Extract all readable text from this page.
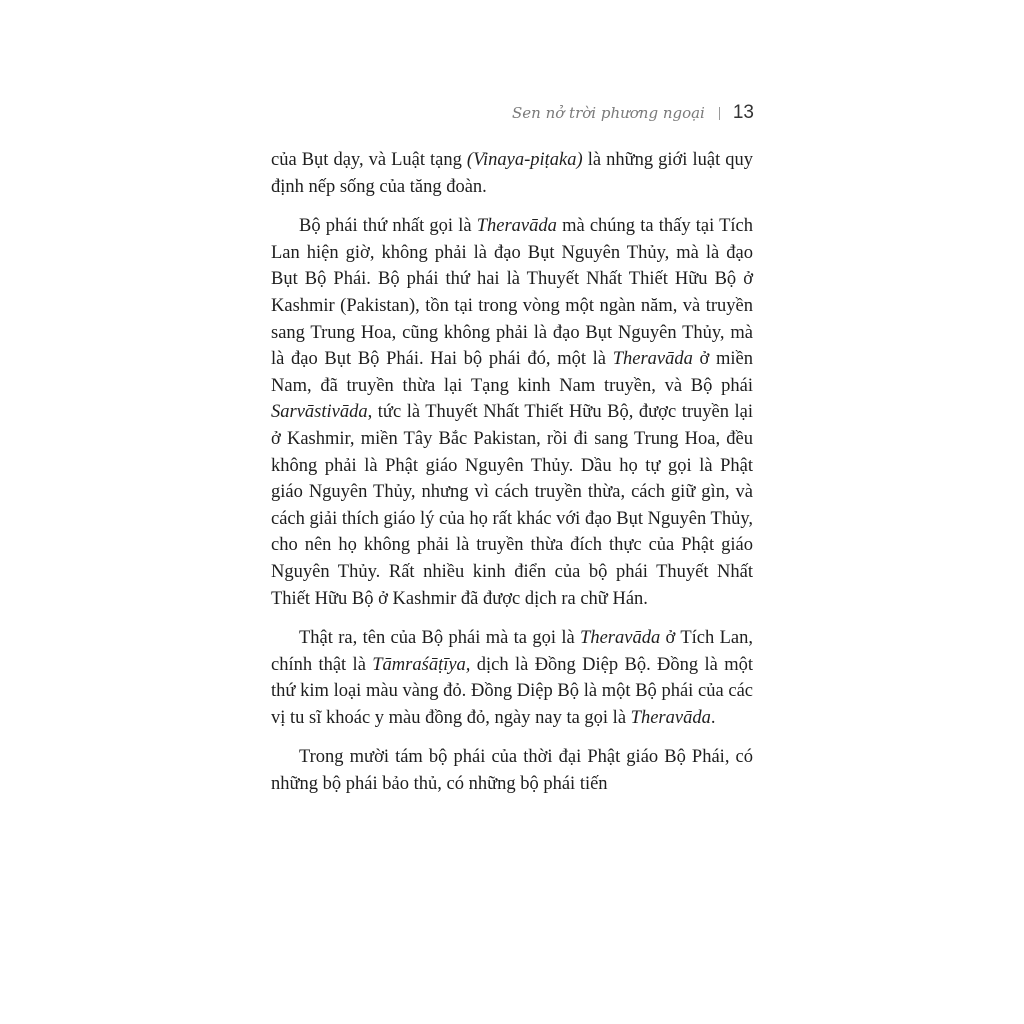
Sen nở trời phương ngoại 13

của Bụt dạy, và Luật tạng (Vinaya-piṭaka) là những giới luật quy định nếp sống của tăng đoàn.

Bộ phái thứ nhất gọi là Theravāda mà chúng ta thấy tại Tích Lan hiện giờ, không phải là đạo Bụt Nguyên Thủy, mà là đạo Bụt Bộ Phái. Bộ phái thứ hai là Thuyết Nhất Thiết Hữu Bộ ở Kashmir (Pakistan), tồn tại trong vòng một ngàn năm, và truyền sang Trung Hoa, cũng không phải là đạo Bụt Nguyên Thủy, mà là đạo Bụt Bộ Phái. Hai bộ phái đó, một là Theravāda ở miền Nam, đã truyền thừa lại Tạng kinh Nam truyền, và Bộ phái Sarvāstivāda, tức là Thuyết Nhất Thiết Hữu Bộ, được truyền lại ở Kashmir, miền Tây Bắc Pakistan, rồi đi sang Trung Hoa, đều không phải là Phật giáo Nguyên Thủy. Dầu họ tự gọi là Phật giáo Nguyên Thủy, nhưng vì cách truyền thừa, cách giữ gìn, và cách giải thích giáo lý của họ rất khác với đạo Bụt Nguyên Thủy, cho nên họ không phải là truyền thừa đích thực của Phật giáo Nguyên Thủy. Rất nhiều kinh điển của bộ phái Thuyết Nhất Thiết Hữu Bộ ở Kashmir đã được dịch ra chữ Hán.

Thật ra, tên của Bộ phái mà ta gọi là Theravāda ở Tích Lan, chính thật là Tāmraśāṭīya, dịch là Đồng Diệp Bộ. Đồng là một thứ kim loại màu vàng đỏ. Đồng Diệp Bộ là một Bộ phái của các vị tu sĩ khoác y màu đồng đỏ, ngày nay ta gọi là Theravāda.

Trong mười tám bộ phái của thời đại Phật giáo Bộ Phái, có những bộ phái bảo thủ, có những bộ phái tiến
